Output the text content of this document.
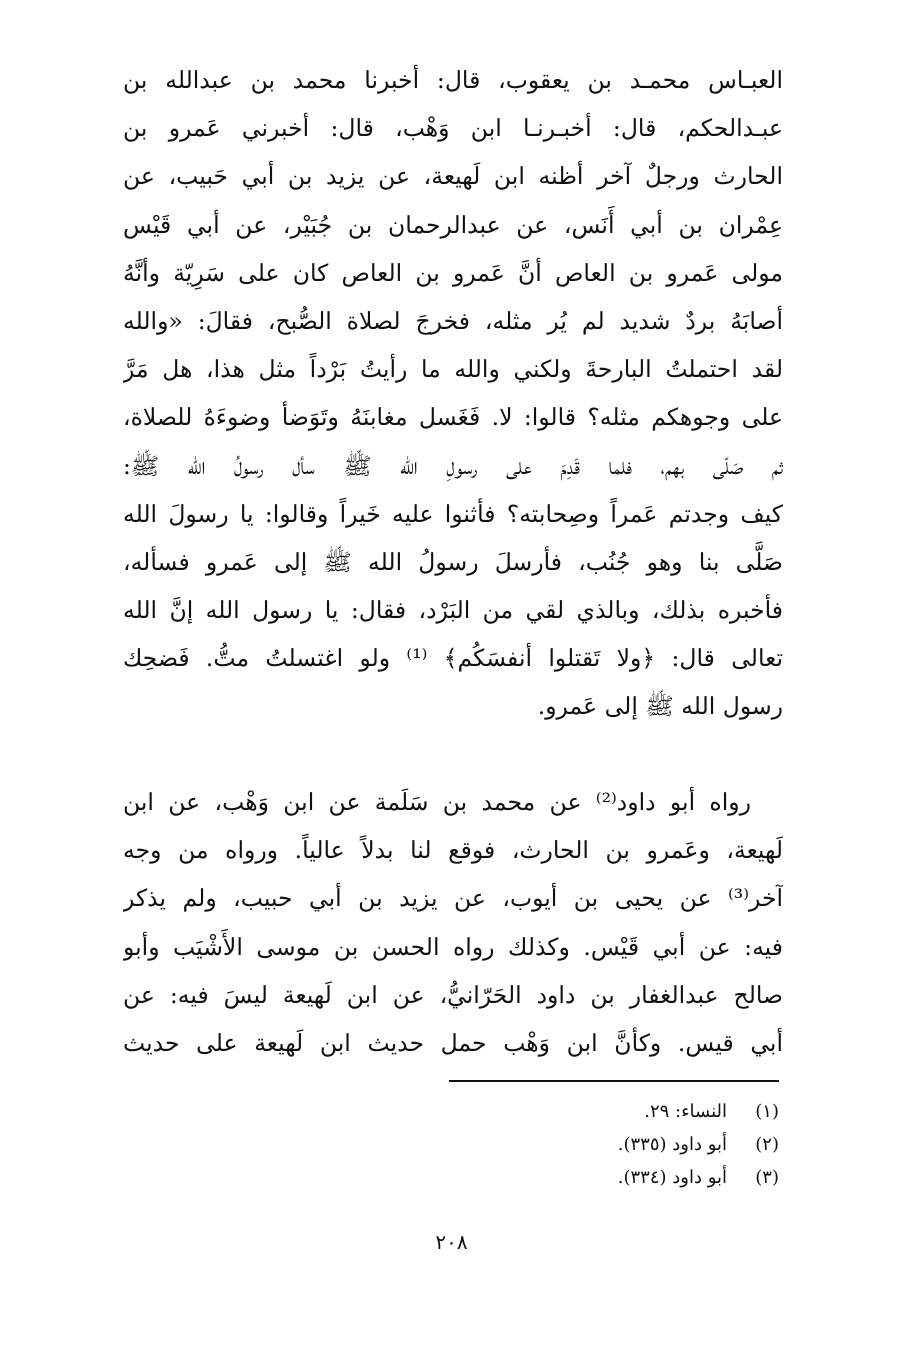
العبـاس محمـد بن يعقوب، قال: أخبرنا محمد بن عبدالله بن
عبـدالحكم، قال: أخبـرنـا ابن وَهْب، قال: أخبرني عَمرو بن
الحارث ورجلٌ آخر أظنه ابن لَهيعة، عن يزيد بن أبي حَبيب، عن
عِمْران بن أبي أَنَس، عن عبدالرحمان بن جُبَيْر، عن أبي قَيْس
مولى عَمرو بن العاص أنَّ عَمرو بن العاص كان على سَرِيّة وأنَّهُ
أصابَهُ بردٌ شديد لم يُر مثله، فخرجَ لصلاة الصُّبح، فقالَ: «والله
لقد احتملتُ البارحةَ ولكني والله ما رأيتُ بَرْداً مثل هذا، هل مَرَّ
على وجوهكم مثله؟ قالوا: لا. فَغَسل مغابنَهُ وتَوَضأ وضوءَهُ للصلاة،
ثم صَلّى بهم، فلما قَدِمَ على رسولِ الله ﷺ سأل رسولُ الله ﷺ:
كيف وجدتم عَمراً وصِحابته؟ فأثنوا عليه خَيراً وقالوا: يا رسولَ الله
صَلَّى بنا وهو جُنُب، فأرسلَ رسولُ الله ﷺ إلى عَمرو فسأله،
فأخبره بذلك، وبالذي لقي من البَرْد، فقال: يا رسول الله إنَّ الله
تعالى قال: ﴿ولا تَقتلوا أنفسَكُم﴾ ⁽¹⁾ ولو اغتسلتُ متُّ. فَضحِك
رسول الله ﷺ إلى عَمرو.
رواه أبو داود⁽²⁾ عن محمد بن سَلَمة عن ابن وَهْب، عن ابن
لَهيعة، وعَمرو بن الحارث، فوقع لنا بدلاً عالياً. ورواه من وجه
آخر⁽³⁾ عن يحيى بن أيوب، عن يزيد بن أبي حبيب، ولم يذكر
فيه: عن أبي قَيْس. وكذلك رواه الحسن بن موسى الأَشْيَب وأبو
صالح عبدالغفار بن داود الحَرّانيُّ، عن ابن لَهيعة ليسَ فيه: عن
أبي قيس. وكأنَّ ابن وَهْب حمل حديث ابن لَهيعة على حديث
(١)
النساء: ٢٩.
(٢)
أبو داود (٣٣٥).
(٣)
أبو داود (٣٣٤).
٢٠٨
